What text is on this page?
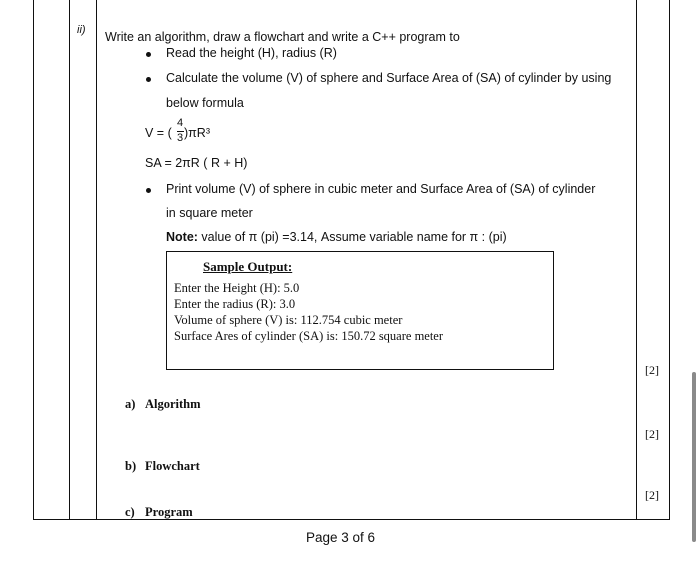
ii) Write an algorithm, draw a flowchart and write a C++ program to
Read the height (H), radius (R)
Calculate the volume (V) of sphere and Surface Area of (SA) of cylinder by using
below formula
V = (
4
3 )πR³
SA = 2πR ( R + H)
Print volume (V) of sphere in cubic meter and Surface Area of (SA) of cylinder
in square meter
Note: value of π (pi) =3.14, Assume variable name for π : (pi)
Sample Output:
Enter the Height (H): 5.0
Enter the radius (R): 3.0
Volume of sphere (V) is: 112.754 cubic meter
Surface Ares of cylinder (SA) is: 150.72 square meter
[2]
[2]
[2]
a) Algorithm
b) Flowchart
c) Program
Page 3 of 6
